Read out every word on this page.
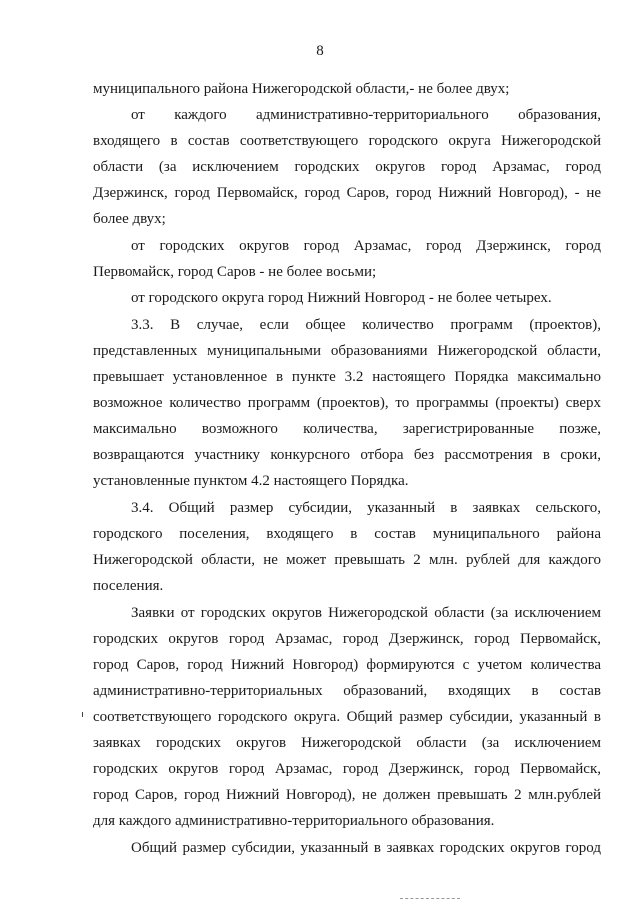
8
муниципального района Нижегородской области,- не более двух;
от каждого административно-территориального образования,
входящего в состав соответствующего городского округа Нижегородской
области (за исключением городских округов город Арзамас, город
Дзержинск, город Первомайск, город Саров, город Нижний Новгород), - не
более двух;
от городских округов город Арзамас, город Дзержинск, город
Первомайск, город Саров - не более восьми;
от городского округа город Нижний Новгород - не более четырех.
3.3. В случае, если общее количество программ (проектов),
представленных муниципальными образованиями Нижегородской области,
превышает установленное в пункте 3.2 настоящего Порядка максимально
возможное количество программ (проектов), то программы (проекты) сверх
максимально возможного количества, зарегистрированные позже,
возвращаются участнику конкурсного отбора без рассмотрения в сроки,
установленные пунктом 4.2 настоящего Порядка.
3.4. Общий размер субсидии, указанный в заявках сельского,
городского поселения, входящего в состав муниципального района
Нижегородской области, не может превышать 2 млн. рублей для каждого
поселения.
Заявки от городских округов Нижегородской области (за исключением
городских округов город Арзамас, город Дзержинск, город Первомайск,
город Саров, город Нижний Новгород) формируются с учетом количества
административно-территориальных образований, входящих в состав
соответствующего городского округа. Общий размер субсидии, указанный в
заявках городских округов Нижегородской области (за исключением
городских округов город Арзамас, город Дзержинск, город Первомайск,
город Саров, город Нижний Новгород), не должен превышать 2 млн.рублей
для каждого административно-территориального образования.
Общий размер субсидии, указанный в заявках городских округов город
